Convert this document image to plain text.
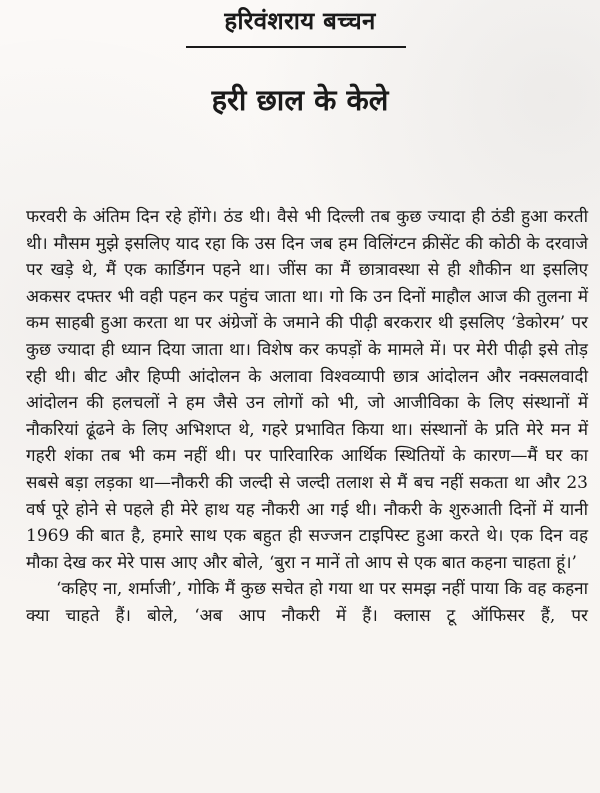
हरिवंशराय बच्चन
हरी छाल के केले

फरवरी के अंतिम दिन रहे होंगे। ठंड थी। वैसे भी दिल्ली तब कुछ ज्यादा ही ठंडी हुआ करती थी। मौसम मुझे इसलिए याद रहा कि उस दिन जब हम विलिंग्टन क्रीसेंट की कोठी के दरवाजे पर खड़े थे, मैं एक कार्डिगन पहने था। जींस का मैं छात्रावस्था से ही शौकीन था इसलिए अकसर दफ्तर भी वही पहन कर पहुंच जाता था। गो कि उन दिनों माहौल आज की तुलना में कम साहबी हुआ करता था पर अंग्रेजों के जमाने की पीढ़ी बरकरार थी इसलिए ‘डेकोरम’ पर कुछ ज्यादा ही ध्यान दिया जाता था। विशेष कर कपड़ों के मामले में। पर मेरी पीढ़ी इसे तोड़ रही थी। बीट और हिप्पी आंदोलन के अलावा विश्वव्यापी छात्र आंदोलन और नक्सलवादी आंदोलन की हलचलों ने हम जैसे उन लोगों को भी, जो आजीविका के लिए संस्थानों में नौकरियां ढूंढने के लिए अभिशप्त थे, गहरे प्रभावित किया था। संस्थानों के प्रति मेरे मन में गहरी शंका तब भी कम नहीं थी। पर पारिवारिक आर्थिक स्थितियों के कारण—मैं घर का सबसे बड़ा लड़का था—नौकरी की जल्दी से जल्दी तलाश से मैं बच नहीं सकता था और 23 वर्ष पूरे होने से पहले ही मेरे हाथ यह नौकरी आ गई थी। नौकरी के शुरुआती दिनों में यानी 1969 की बात है, हमारे साथ एक बहुत ही सज्जन टाइपिस्ट हुआ करते थे। एक दिन वह मौका देख कर मेरे पास आए और बोले, ‘बुरा न मानें तो आप से एक बात कहना चाहता हूं।’

‘कहिए ना, शर्माजी’, गोकि मैं कुछ सचेत हो गया था पर समझ नहीं पाया कि वह कहना क्या चाहते हैं। बोले, ‘अब आप नौकरी में हैं। क्लास टू ऑफिसर हैं, पर
